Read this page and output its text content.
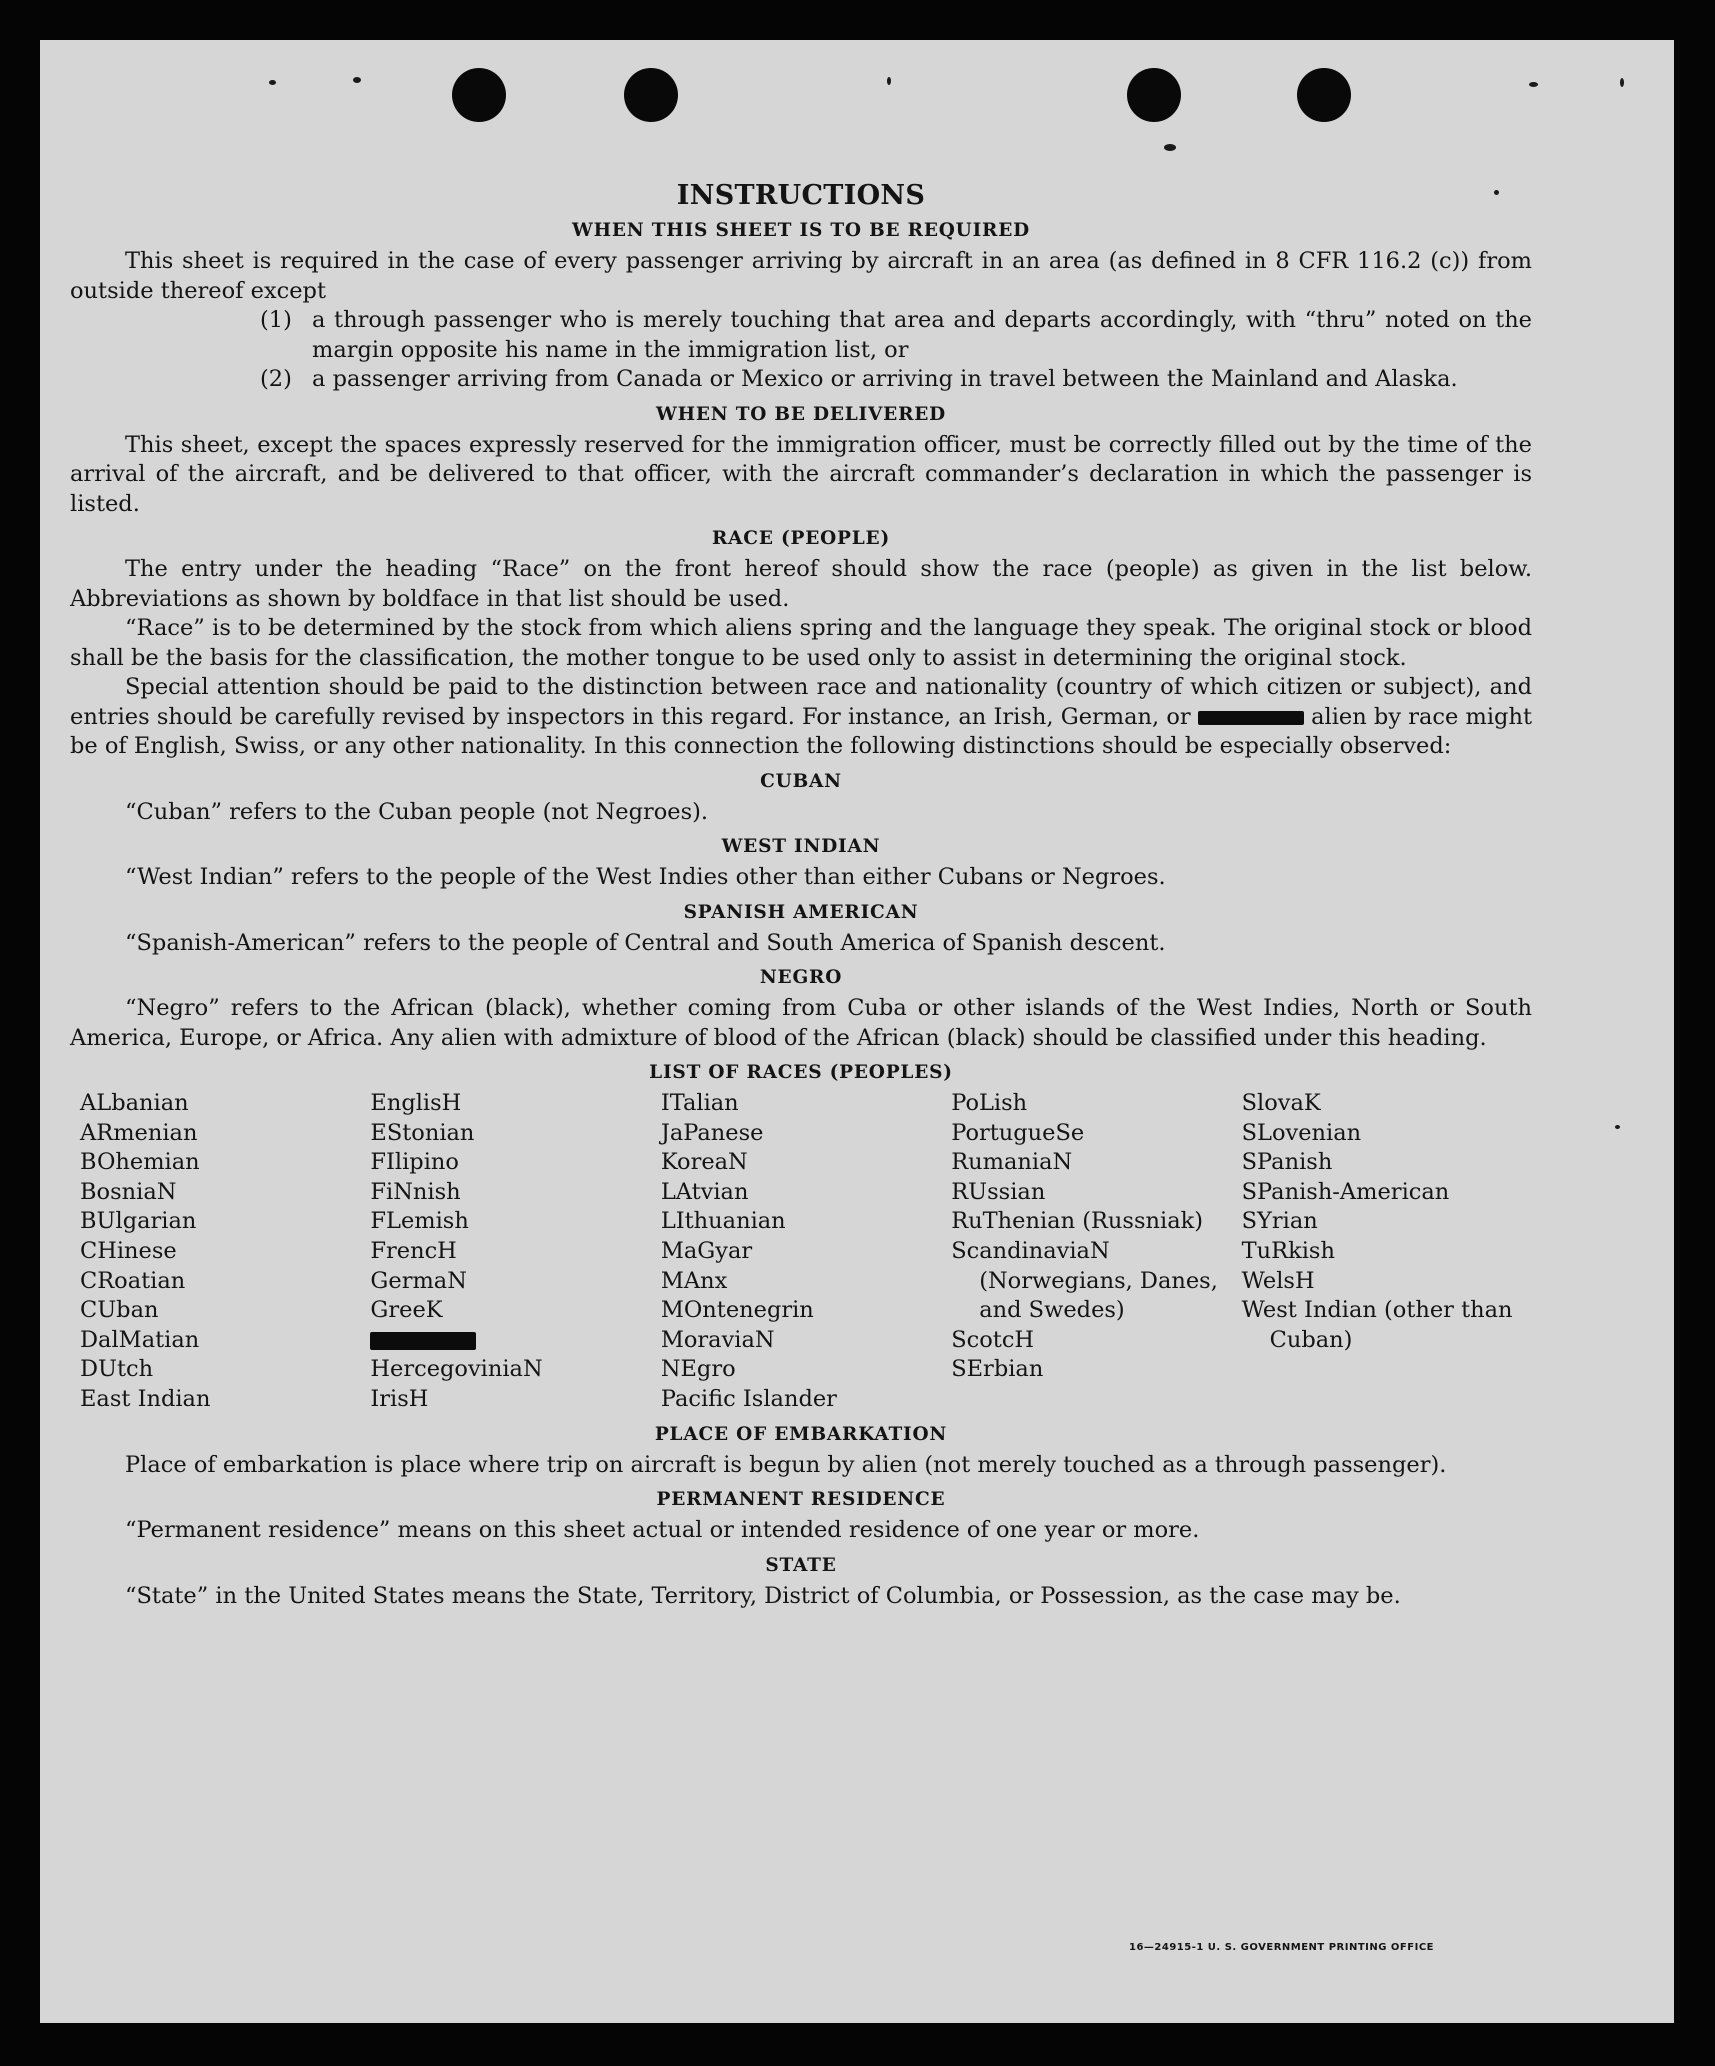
INSTRUCTIONS
WHEN THIS SHEET IS TO BE REQUIRED

This sheet is required in the case of every passenger arriving by aircraft in an area (as defined in 8 CFR 116.2 (c)) from outside thereof except

(1) a through passenger who is merely touching that area and departs accordingly, with “thru” noted on the margin opposite his name in the immigration list, or
(2) a passenger arriving from Canada or Mexico or arriving in travel between the Mainland and Alaska.
WHEN TO BE DELIVERED

This sheet, except the spaces expressly reserved for the immigration officer, must be correctly filled out by the time of the arrival of the aircraft, and be delivered to that officer, with the aircraft commander’s declaration in which the passenger is listed.

RACE (PEOPLE)

The entry under the heading “Race” on the front hereof should show the race (people) as given in the list below. Abbreviations as shown by boldface in that list should be used.

“Race” is to be determined by the stock from which aliens spring and the language they speak. The original stock or blood shall be the basis for the classification, the mother tongue to be used only to assist in determining the original stock.

Special attention should be paid to the distinction between race and nationality (country of which citizen or subject), and entries should be carefully revised by inspectors in this regard. For instance, an Irish, German, or	alien by race might be of English, Swiss, or any other nationality. In this connection the following distinctions should be especially observed:

CUBAN

“Cuban” refers to the Cuban people (not Negroes).

WEST INDIAN

“West Indian” refers to the people of the West Indies other than either Cubans or Negroes.

SPANISH AMERICAN

“Spanish-American” refers to the people of Central and South America of Spanish descent.

NEGRO

“Negro” refers to the African (black), whether coming from Cuba or other islands of the West Indies, North or South America, Europe, or Africa. Any alien with admixture of blood of the African (black) should be classified under this heading.

LIST OF RACES (PEOPLES)
ALbanian
ARmenian
BOhemian
BosniaN
BUlgarian
CHinese
CRoatian
CUban
DalMatian
DUtch
East Indian
EnglisH
EStonian
FIlipino
FiNnish
FLemish
FrencH
GermaN
GreeK
HercegoviniaN
IrisH
ITalian
JaPanese
KoreaN
LAtvian
LIthuanian
MaGyar
MAnx
MOntenegrin
MoraviaN
NEgro
Pacific Islander
PoLish
PortugueSe
RumaniaN
RUssian
RuThenian (Russniak)
ScandinaviaN (Norwegians, Danes, and Swedes)
ScotcH
SErbian
SlovaK
SLovenian
SPanish
SPanish-American
SYrian
TuRkish
WelsH
West Indian (other than Cuban)
PLACE OF EMBARKATION

Place of embarkation is place where trip on aircraft is begun by alien (not merely touched as a through passenger).

PERMANENT RESIDENCE

“Permanent residence” means on this sheet actual or intended residence of one year or more.

STATE

“State” in the United States means the State, Territory, District of Columbia, or Possession, as the case may be.

16—24915-1 U. S. GOVERNMENT PRINTING OFFICE
